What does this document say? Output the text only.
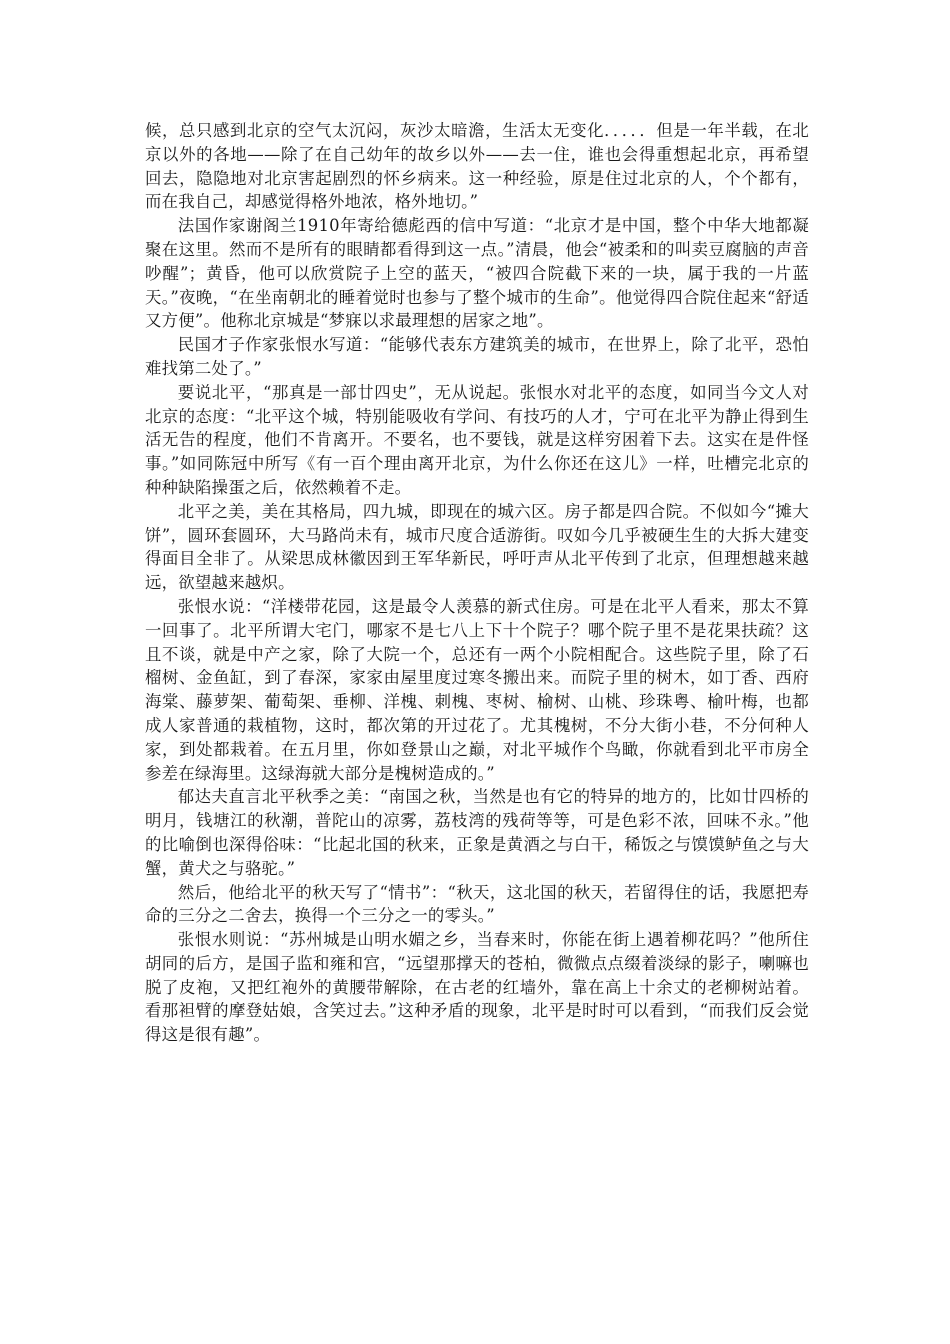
候，总只感到北京的空气太沉闷，灰沙太暗澹，生活太无变化．．．．．但是一年半载，在北京以外的各地——除了在自己幼年的故乡以外——去一住，谁也会得重想起北京，再希望回去，隐隐地对北京害起剧烈的怀乡病来。这一种经验，原是住过北京的人，个个都有，而在我自己，却感觉得格外地浓，格外地切。”

法国作家谢阁兰1910年寄给德彪西的信中写道：“北京才是中国，整个中华大地都凝聚在这里。然而不是所有的眼睛都看得到这一点。”清晨，他会“被柔和的叫卖豆腐脑的声音吵醒”；黄昏，他可以欣赏院子上空的蓝天，“被四合院截下来的一块，属于我的一片蓝天。”夜晚，“在坐南朝北的睡着觉时也参与了整个城市的生命”。他觉得四合院住起来“舒适又方便”。他称北京城是“梦寐以求最理想的居家之地”。

民国才子作家张恨水写道：“能够代表东方建筑美的城市，在世界上，除了北平，恐怕难找第二处了。”

要说北平，“那真是一部廿四史”，无从说起。张恨水对北平的态度，如同当今文人对北京的态度：“北平这个城，特别能吸收有学问、有技巧的人才，宁可在北平为静止得到生活无告的程度，他们不肯离开。不要名，也不要钱，就是这样穷困着下去。这实在是件怪事。”如同陈冠中所写《有一百个理由离开北京，为什么你还在这儿》一样，吐槽完北京的种种缺陷操蛋之后，依然赖着不走。

北平之美，美在其格局，四九城，即现在的城六区。房子都是四合院。不似如今“摊大饼”，圆环套圆环，大马路尚未有，城市尺度合适游街。叹如今几乎被硬生生的大拆大建变得面目全非了。从梁思成林徽因到王军华新民，呼吁声从北平传到了北京，但理想越来越远，欲望越来越炽。

张恨水说：“洋楼带花园，这是最令人羡慕的新式住房。可是在北平人看来，那太不算一回事了。北平所谓大宅门，哪家不是七八上下十个院子？哪个院子里不是花果扶疏？这且不谈，就是中产之家，除了大院一个，总还有一两个小院相配合。这些院子里，除了石榴树、金鱼缸，到了春深，家家由屋里度过寒冬搬出来。而院子里的树木，如丁香、西府海棠、藤萝架、葡萄架、垂柳、洋槐、刺槐、枣树、榆树、山桃、珍珠粤、榆叶梅，也都成人家普通的栽植物，这时，都次第的开过花了。尤其槐树，不分大街小巷，不分何种人家，到处都栽着。在五月里，你如登景山之巅，对北平城作个鸟瞰，你就看到北平市房全参差在绿海里。这绿海就大部分是槐树造成的。”

郁达夫直言北平秋季之美：“南国之秋，当然是也有它的特异的地方的，比如廿四桥的明月，钱塘江的秋潮，普陀山的凉雾，荔枝湾的残荷等等，可是色彩不浓，回味不永。”他的比喻倒也深得俗味：“比起北国的秋来，正象是黄酒之与白干，稀饭之与馍馍鲈鱼之与大蟹，黄犬之与骆驼。”

然后，他给北平的秋天写了“情书”：“秋天，这北国的秋天，若留得住的话，我愿把寿命的三分之二舍去，换得一个三分之一的零头。”

张恨水则说：“苏州城是山明水媚之乡，当春来时，你能在街上遇着柳花吗？”他所住胡同的后方，是国子监和雍和宫，“远望那撑天的苍柏，微微点点缀着淡绿的影子，喇嘛也脱了皮袍，又把红袍外的黄腰带解除，在古老的红墙外，靠在高上十余丈的老柳树站着。看那袒臂的摩登姑娘，含笑过去。”这种矛盾的现象，北平是时时可以看到，“而我们反会觉得这是很有趣”。
